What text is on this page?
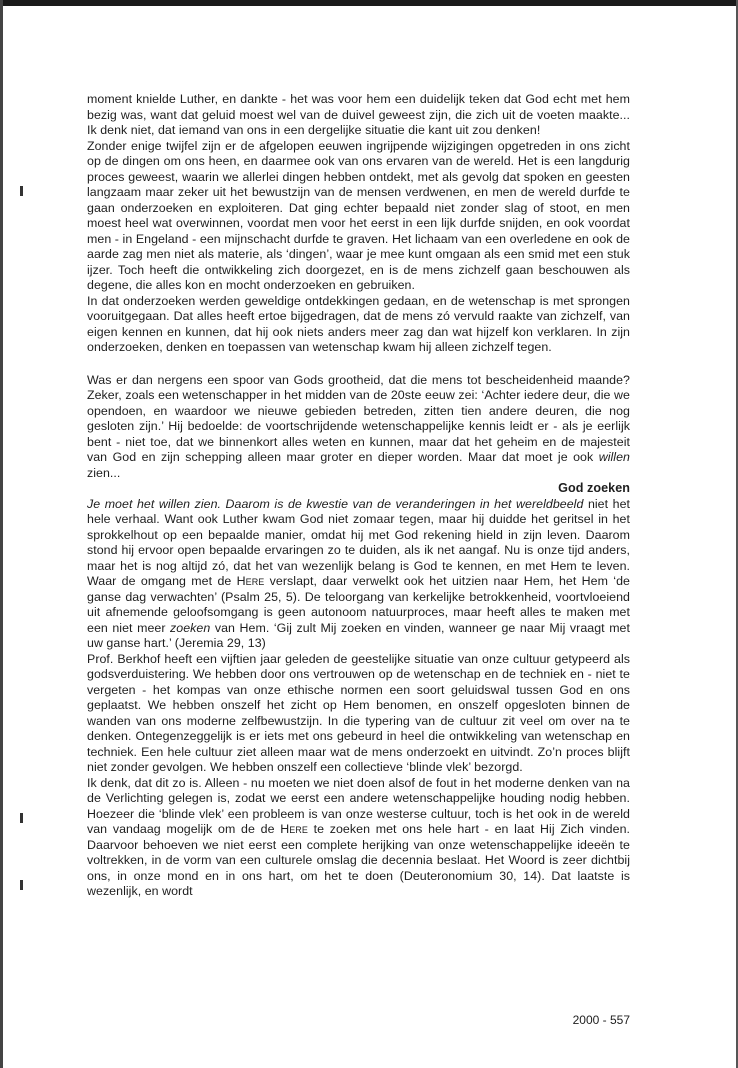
moment knielde Luther, en dankte - het was voor hem een duidelijk teken dat God echt met hem bezig was, want dat geluid moest wel van de duivel geweest zijn, die zich uit de voeten maakte... Ik denk niet, dat iemand van ons in een dergelijke situatie die kant uit zou denken!

Zonder enige twijfel zijn er de afgelopen eeuwen ingrijpende wijzigingen opgetreden in ons zicht op de dingen om ons heen, en daarmee ook van ons ervaren van de wereld. Het is een langdurig proces geweest, waarin we allerlei dingen hebben ontdekt, met als gevolg dat spoken en geesten langzaam maar zeker uit het bewustzijn van de mensen verdwenen, en men de wereld durfde te gaan onderzoeken en exploiteren. Dat ging echter bepaald niet zonder slag of stoot, en men moest heel wat overwinnen, voordat men voor het eerst in een lijk durfde snijden, en ook voordat men - in Engeland - een mijnschacht durfde te graven. Het lichaam van een overledene en ook de aarde zag men niet als materie, als ‘dingen’, waar je mee kunt omgaan als een smid met een stuk ijzer. Toch heeft die ontwikkeling zich doorgezet, en is de mens zichzelf gaan beschouwen als degene, die alles kon en mocht onderzoeken en gebruiken.

In dat onderzoeken werden geweldige ontdekkingen gedaan, en de wetenschap is met sprongen vooruitgegaan. Dat alles heeft ertoe bijgedragen, dat de mens zó vervuld raakte van zichzelf, van eigen kennen en kunnen, dat hij ook niets anders meer zag dan wat hijzelf kon verklaren. In zijn onderzoeken, denken en toepassen van wetenschap kwam hij alleen zichzelf tegen.

Was er dan nergens een spoor van Gods grootheid, dat die mens tot bescheidenheid maande? Zeker, zoals een wetenschapper in het midden van de 20ste eeuw zei: ‘Achter iedere deur, die we opendoen, en waardoor we nieuwe gebieden betreden, zitten tien andere deuren, die nog gesloten zijn.’ Hij bedoelde: de voortschrijdende wetenschappelijke kennis leidt er - als je eerlijk bent - niet toe, dat we binnenkort alles weten en kunnen, maar dat het geheim en de majesteit van God en zijn schepping alleen maar groter en dieper worden. Maar dat moet je ook willen zien...

God zoeken

Je moet het willen zien. Daarom is de kwestie van de veranderingen in het wereldbeeld niet het hele verhaal. Want ook Luther kwam God niet zomaar tegen, maar hij duidde het geritsel in het sprokkelhout op een bepaalde manier, omdat hij met God rekening hield in zijn leven. Daarom stond hij ervoor open bepaalde ervaringen zo te duiden, als ik net aangaf. Nu is onze tijd anders, maar het is nog altijd zó, dat het van wezenlijk belang is God te kennen, en met Hem te leven. Waar de omgang met de Here verslapt, daar verwelkt ook het uitzien naar Hem, het Hem ‘de ganse dag verwachten’ (Psalm 25, 5). De teloorgang van kerkelijke betrokkenheid, voortvloeiend uit afnemende geloofsomgang is geen autonoom natuurproces, maar heeft alles te maken met een niet meer zoeken van Hem. ‘Gij zult Mij zoeken en vinden, wanneer ge naar Mij vraagt met uw ganse hart.’ (Jeremia 29, 13)

Prof. Berkhof heeft een vijftien jaar geleden de geestelijke situatie van onze cultuur getypeerd als godsverduistering. We hebben door ons vertrouwen op de wetenschap en de techniek en - niet te vergeten - het kompas van onze ethische normen een soort geluidswal tussen God en ons geplaatst. We hebben onszelf het zicht op Hem benomen, en onszelf opgesloten binnen de wanden van ons moderne zelfbewustzijn. In die typering van de cultuur zit veel om over na te denken. Ontegenzeggelijk is er iets met ons gebeurd in heel die ontwikkeling van wetenschap en techniek. Een hele cultuur ziet alleen maar wat de mens onderzoekt en uitvindt. Zo’n proces blijft niet zonder gevolgen. We hebben onszelf een collectieve ‘blinde vlek’ bezorgd.

Ik denk, dat dit zo is. Alleen - nu moeten we niet doen alsof de fout in het moderne denken van na de Verlichting gelegen is, zodat we eerst een andere wetenschappelijke houding nodig hebben. Hoezeer die ‘blinde vlek’ een probleem is van onze westerse cultuur, toch is het ook in de wereld van vandaag mogelijk om de de Here te zoeken met ons hele hart - en laat Hij Zich vinden. Daarvoor behoeven we niet eerst een complete herijking van onze wetenschappelijke ideeën te voltrekken, in de vorm van een culturele omslag die decennia beslaat. Het Woord is zeer dichtbij ons, in onze mond en in ons hart, om het te doen (Deuteronomium 30, 14). Dat laatste is wezenlijk, en wordt

2000 - 557
